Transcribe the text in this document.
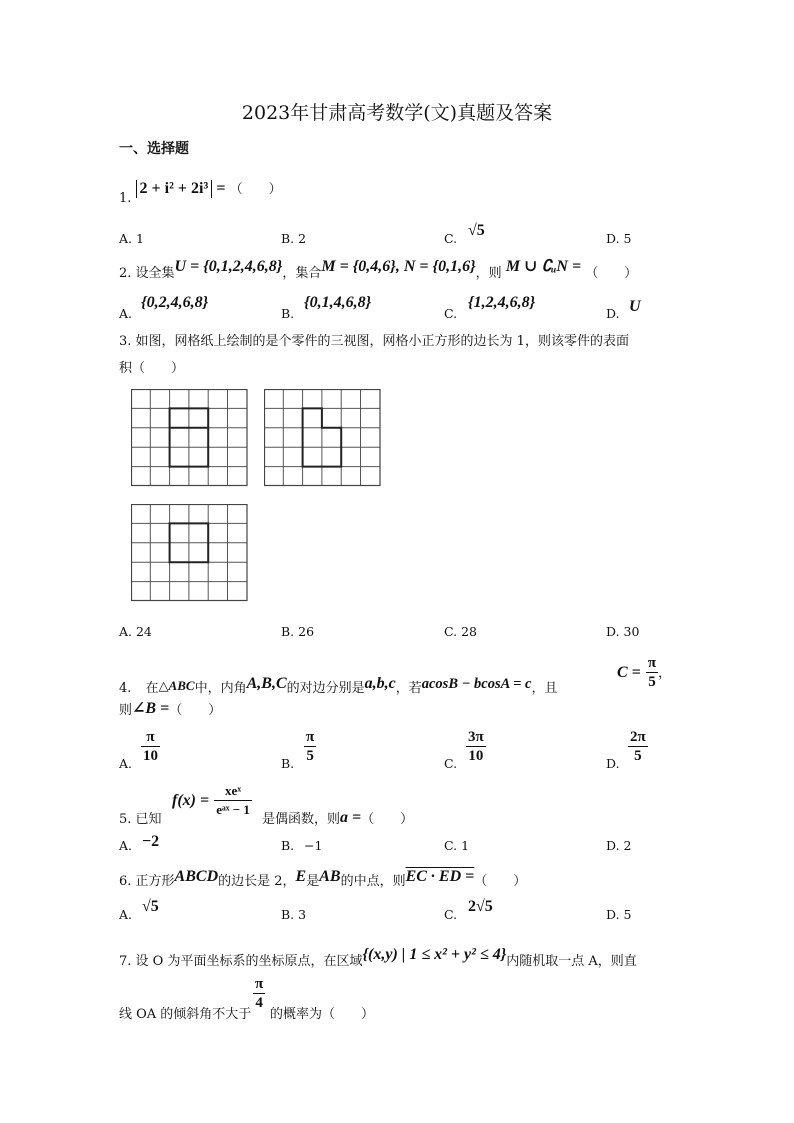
2023年甘肃高考数学(文)真题及答案
一、选择题
1. 2 + i² + 2i³ = （　　）
A. 1	B. 2	C. √5	D. 5
2. 设全集U = {0,1,2,4,6,8}，集合M = {0,4,6}, N = {0,1,6}，则 M ∪ ∁ᵤN = （　　）
A.
{0,2,4,6,8}
B.
{0,1,4,6,8}
C.
{1,2,4,6,8}
D. U
3. 如图，网格纸上绘制的是个零件的三视图，网格小正方形的边长为 1，则该零件的表面
积（　　）
A. 24	B. 26	C. 28	D. 30
4. 在△ABC中，内角A,B,C的对边分别是a,b,c，若acosB − bcosA = c，且
$C = \frac{\pi}{5}$ ，
则∠B =（　　）
A. $\frac{\pi}{10}$	B. $\frac{\pi}{5}$	C. $\frac{3\pi}{10}$	D. $\frac{2\pi}{5}$
5. 已知
$f(x) = \frac{\text{xeˣ}}{\text{eᵃˣ − 1}}$
是偶函数，则a =（　　）
A. −2	B. −1	C. 1	D. 2
6. 正方形ABCD的边长是 2，E是AB的中点，则EC · ED =（　　）
A. √5	B. 3	C. 2√5	D. 5
7. 设 O 为平面坐标系的坐标原点，在区域{(x,y) | 1 ≤ x² + y² ≤ 4}内随机取一点 A，则直
线 OA 的倾斜角不大于
$\frac{\pi}{4}$
的概率为（　　）
